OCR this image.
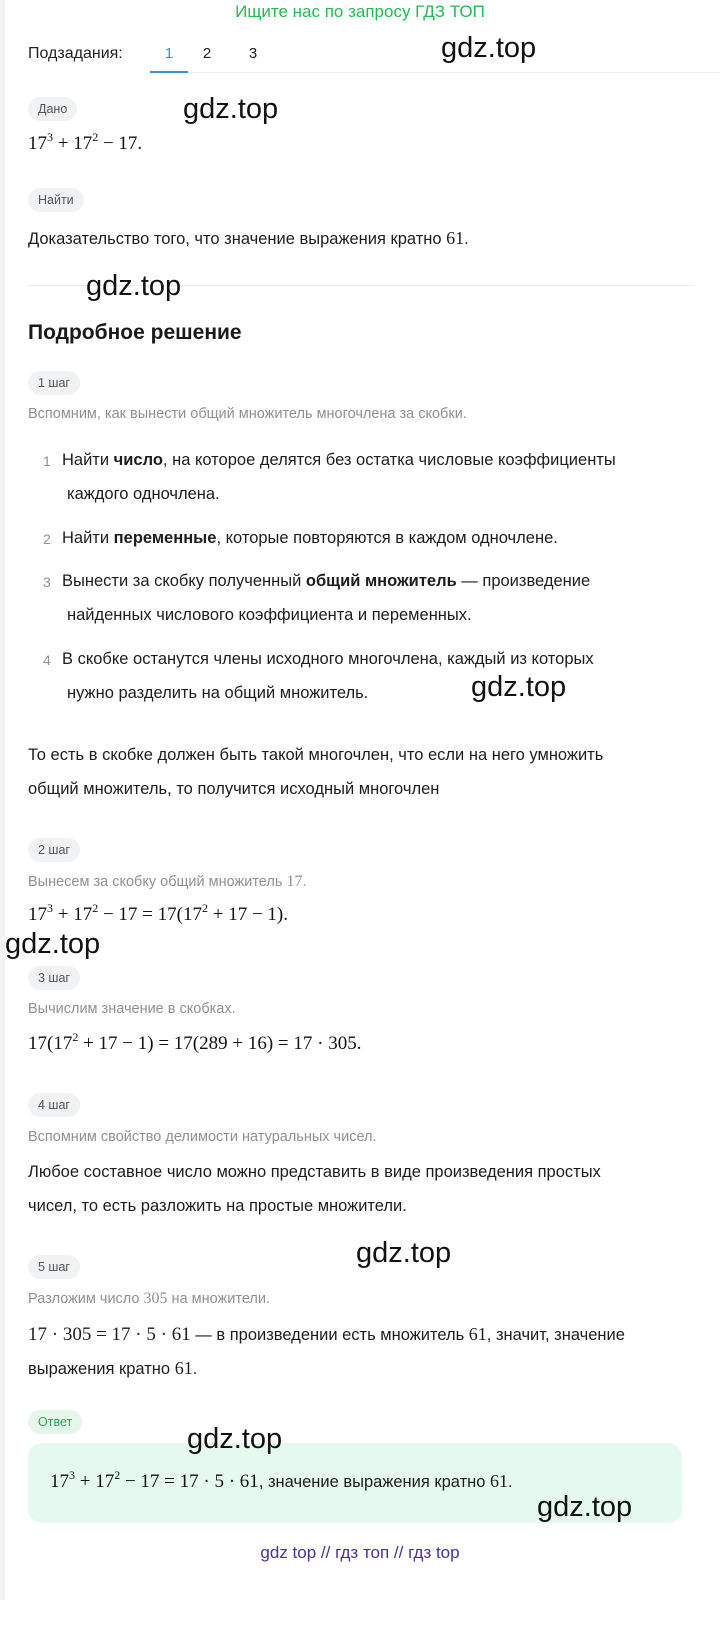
Ищите нас по запросу ГДЗ ТОП
Подзадания:	1	2	3
Дано
$17^3 + 17^2 - 17$.
Найти
Доказательство того, что значение выражения кратно 61.
Подробное решение
1 шаг
Вспомним, как вынести общий множитель многочлена за скобки.
1 Найти число, на которое делятся без остатка числовые коэффициенты
каждого одночлена.
2 Найти переменные, которые повторяются в каждом одночлене.
3 Вынести за скобку полученный общий множитель — произведение
найденных числового коэффициента и переменных.
4 В скобке останутся члены исходного многочлена, каждый из которых
нужно разделить на общий множитель.
То есть в скобке должен быть такой многочлен, что если на него умножить
общий множитель, то получится исходный многочлен
2 шаг
Вынесем за скобку общий множитель 17.
$17^3 + 17^2 - 17 = 17(17^2 + 17 - 1)$.
3 шаг
Вычислим значение в скобках.
$17(17^2 + 17 - 1) = 17(289 + 16) = 17 \cdot 305$.
4 шаг
Вспомним свойство делимости натуральных чисел.
Любое составное число можно представить в виде произведения простых
чисел, то есть разложить на простые множители.
5 шаг
Разложим число 305 на множители.
17 · 305 = 17 · 5 · 61 — в произведении есть множитель 61, значит, значение
выражения кратно 61.
Ответ
$17^3 + 17^2 - 17 = 17 \cdot 5 \cdot 61$, значение выражения кратно 61.
gdz.top
gdz.top
gdz.top
gdz.top
gdz.top
gdz.top
gdz.top
gdz.top
gdz top // гдз топ // гдз top
